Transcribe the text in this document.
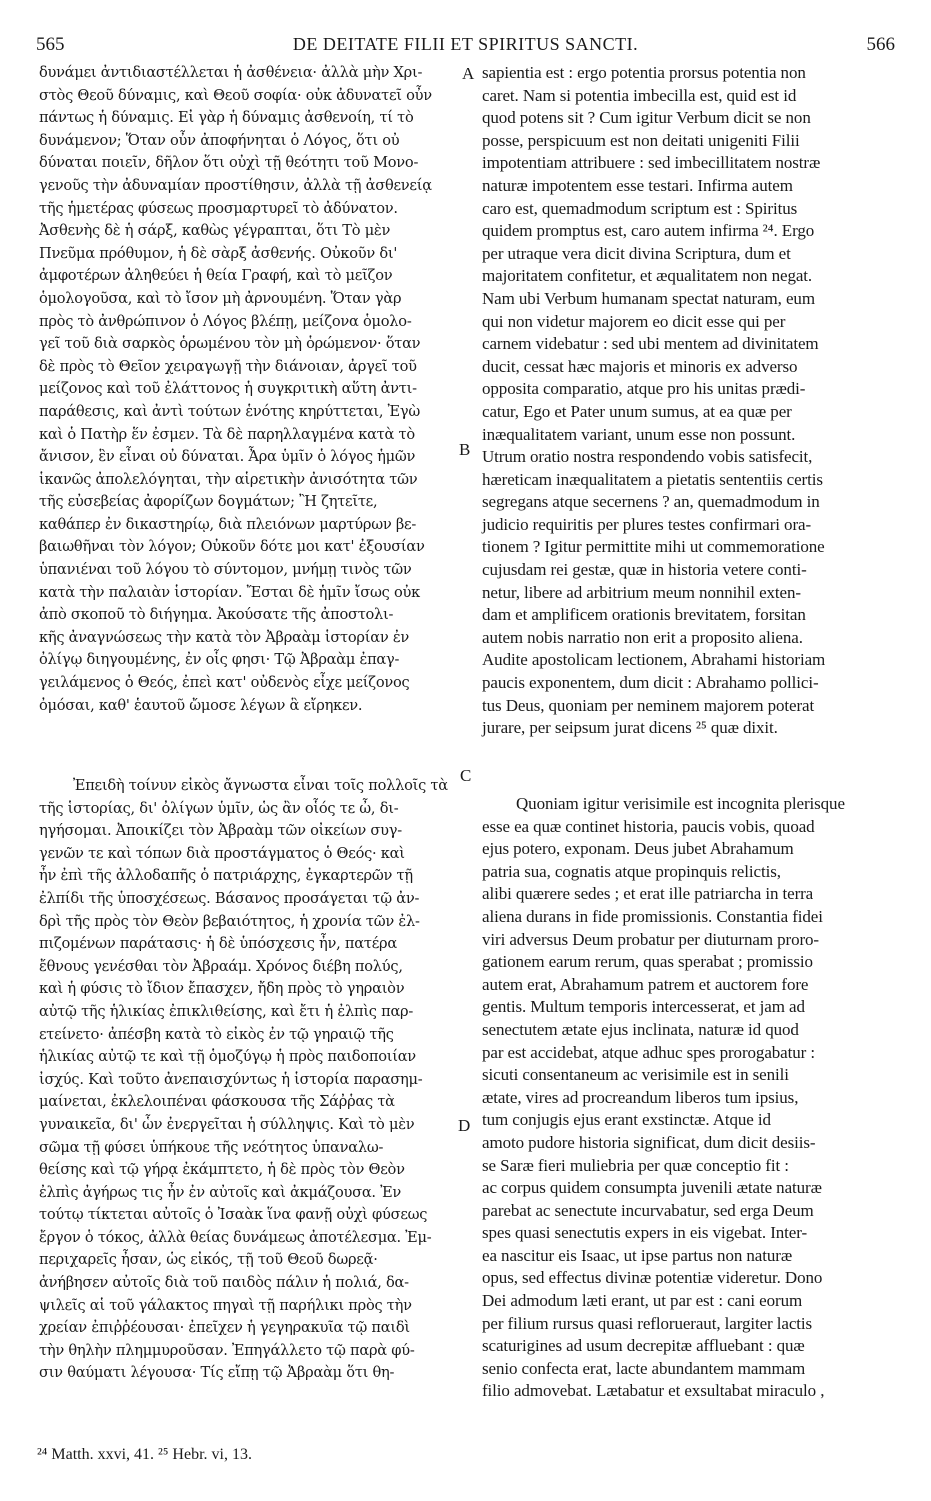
565	DE DEITATE FILII ET SPIRITUS SANCTI.	566
δυνάμει ἀντιδιαστέλλεται ἡ ἀσθένεια· ἀλλὰ μὴν Χρι-
στὸς Θεοῦ δύναμις, καὶ Θεοῦ σοφία· οὐκ ἀδυνατεῖ οὖν
πάντως ἡ δύναμις. Εἰ γὰρ ἡ δύναμις ἀσθενοίη, τί τὸ
δυνάμενον; Ὅταν οὖν ἀποφήνηται ὁ Λόγος, ὅτι οὐ
δύναται ποιεῖν, δῆλον ὅτι οὐχὶ τῇ θεότητι τοῦ Μονο-
γενοῦς τὴν ἀδυναμίαν προστίθησιν, ἀλλὰ τῇ ἀσθενείᾳ
τῆς ἡμετέρας φύσεως προσμαρτυρεῖ τὸ ἀδύνατον.
Ἀσθενὴς δὲ ἡ σάρξ, καθὼς γέγραπται, ὅτι Τὸ μὲν
Πνεῦμα πρόθυμον, ἡ δὲ σὰρξ ἀσθενής. Οὐκοῦν δι'
ἀμφοτέρων ἀληθεύει ἡ θεία Γραφή, καὶ τὸ μεῖζον
ὁμολογοῦσα, καὶ τὸ ἴσον μὴ ἀρνουμένη. Ὅταν γὰρ
πρὸς τὸ ἀνθρώπινον ὁ Λόγος βλέπῃ, μείζονα ὁμολο-
γεῖ τοῦ διὰ σαρκὸς ὁρωμένου τὸν μὴ ὁρώμενον· ὅταν
δὲ πρὸς τὸ Θεῖον χειραγωγῇ τὴν διάνοιαν, ἀργεῖ τοῦ
μείζονος καὶ τοῦ ἐλάττονος ἡ συγκριτικὴ αὕτη ἀντι-
παράθεσις, καὶ ἀντὶ τούτων ἑνότης κηρύττεται, Ἐγὼ
καὶ ὁ Πατὴρ ἕν ἐσμεν. Τὰ δὲ παρηλλαγμένα κατὰ τὸ
ἄνισον, ἓν εἶναι οὐ δύναται. Ἆρα ὑμῖν ὁ λόγος ἡμῶν
ἱκανῶς ἀπολελόγηται, τὴν αἱρετικὴν ἀνισότητα τῶν
τῆς εὐσεβείας ἀφορίζων δογμάτων; Ἢ ζητεῖτε,
καθάπερ ἐν δικαστηρίῳ, διὰ πλειόνων μαρτύρων βε-
βαιωθῆναι τὸν λόγον; Οὐκοῦν δότε μοι κατ' ἐξουσίαν
ὑπανιέναι τοῦ λόγου τὸ σύντομον, μνήμῃ τινὸς τῶν
κατὰ τὴν παλαιὰν ἱστορίαν. Ἔσται δὲ ἡμῖν ἴσως οὐκ
ἀπὸ σκοποῦ τὸ διήγημα. Ἀκούσατε τῆς ἀποστολι-
κῆς ἀναγνώσεως τὴν κατὰ τὸν Ἀβραὰμ ἱστορίαν ἐν
ὀλίγῳ διηγουμένης, ἐν οἷς φησι· Τῷ Ἀβραὰμ ἐπαγ-
γειλάμενος ὁ Θεός, ἐπεὶ κατ' οὐδενὸς εἶχε μείζονος
ὀμόσαι, καθ' ἑαυτοῦ ὤμοσε λέγων ἃ εἴρηκεν.
Ἐπειδὴ τοίνυν εἰκὸς ἄγνωστα εἶναι τοῖς πολλοῖς τὰ
τῆς ἱστορίας, δι' ὀλίγων ὑμῖν, ὡς ἂν οἷός τε ὦ, δι-
ηγήσομαι. Ἀποικίζει τὸν Ἀβραὰμ τῶν οἰκείων συγ-
γενῶν τε καὶ τόπων διὰ προστάγματος ὁ Θεός· καὶ
ἦν ἐπὶ τῆς ἀλλοδαπῆς ὁ πατριάρχης, ἐγκαρτερῶν τῇ
ἐλπίδι τῆς ὑποσχέσεως. Βάσανος προσάγεται τῷ ἀν-
δρὶ τῆς πρὸς τὸν Θεὸν βεβαιότητος, ἡ χρονία τῶν ἐλ-
πιζομένων παράτασις· ἡ δὲ ὑπόσχεσις ἦν, πατέρα
ἔθνους γενέσθαι τὸν Ἀβραάμ. Χρόνος διέβη πολύς,
καὶ ἡ φύσις τὸ ἴδιον ἔπασχεν, ἤδη πρὸς τὸ γηραιὸν
αὐτῷ τῆς ἡλικίας ἐπικλιθείσης, καὶ ἔτι ἡ ἐλπὶς παρ-
ετείνετο· ἀπέσβη κατὰ τὸ εἰκὸς ἐν τῷ γηραιῷ τῆς
ἡλικίας αὐτῷ τε καὶ τῇ ὁμοζύγῳ ἡ πρὸς παιδοποιίαν
ἰσχύς. Καὶ τοῦτο ἀνεπαισχύντως ἡ ἱστορία παρασημ-
μαίνεται, ἐκλελοιπέναι φάσκουσα τῆς Σάῤῥας τὰ
γυναικεῖα, δι' ὧν ἐνεργεῖται ἡ σύλληψις. Καὶ τὸ μὲν
σῶμα τῇ φύσει ὑπήκουε τῆς νεότητος ὑπαναλω-
θείσης καὶ τῷ γήρᾳ ἐκάμπτετο, ἡ δὲ πρὸς τὸν Θεὸν
ἐλπὶς ἀγήρως τις ἦν ἐν αὐτοῖς καὶ ἀκμάζουσα. Ἐν
τούτῳ τίκτεται αὐτοῖς ὁ Ἰσαὰκ ἵνα φανῇ οὐχὶ φύσεως
ἔργον ὁ τόκος, ἀλλὰ θείας δυνάμεως ἀποτέλεσμα. Ἐμ-
περιχαρεῖς ἦσαν, ὡς εἰκός, τῇ τοῦ Θεοῦ δωρεᾷ·
ἀνήβησεν αὐτοῖς διὰ τοῦ παιδὸς πάλιν ἡ πολιά, δα-
ψιλεῖς αἱ τοῦ γάλακτος πηγαὶ τῇ παρήλικι πρὸς τὴν
χρείαν ἐπιῤῥέουσαι· ἐπεῖχεν ἡ γεγηρακυῖα τῷ παιδὶ
τὴν θηλὴν πλημμυροῦσαν. Ἐπηγάλλετο τῷ παρὰ φύ-
σιν θαύματι λέγουσα· Τίς εἴπῃ τῷ Ἀβραὰμ ὅτι θη-
sapientia est : ergo potentia prorsus potentia non
caret. Nam si potentia imbecilla est, quid est id
quod potens sit ? Cum igitur Verbum dicit se non
posse, perspicuum est non deitati unigeniti Filii
impotentiam attribuere : sed imbecillitatem nostræ
naturæ impotentem esse testari. Infirma autem
caro est, quemadmodum scriptum est : Spiritus
quidem promptus est, caro autem infirma ²⁴. Ergo
per utraque vera dicit divina Scriptura, dum et
majoritatem confitetur, et æqualitatem non negat.
Nam ubi Verbum humanam spectat naturam, eum
qui non videtur majorem eo dicit esse qui per
carnem videbatur : sed ubi mentem ad divinitatem
ducit, cessat hæc majoris et minoris ex adverso
opposita comparatio, atque pro his unitas prædi-
catur, Ego et Pater unum sumus, at ea quæ per
inæqualitatem variant, unum esse non possunt.
Utrum oratio nostra respondendo vobis satisfecit,
hæreticam inæqualitatem a pietatis sententiis certis
segregans atque secernens ? an, quemadmodum in
judicio requiritis per plures testes confirmari ora-
tionem ? Igitur permittite mihi ut commemoratione
cujusdam rei gestæ, quæ in historia vetere conti-
netur, libere ad arbitrium meum nonnihil exten-
dam et amplificem orationis brevitatem, forsitan
autem nobis narratio non erit a proposito aliena.
Audite apostolicam lectionem, Abrahami historiam
paucis exponentem, dum dicit : Abrahamo pollici-
tus Deus, quoniam per neminem majorem poterat
jurare, per seipsum jurat dicens ²⁵ quæ dixit.
Quoniam igitur verisimile est incognita plerisque
esse ea quæ continet historia, paucis vobis, quoad
ejus potero, exponam. Deus jubet Abrahamum
patria sua, cognatis atque propinquis relictis,
alibi quærere sedes ; et erat ille patriarcha in terra
aliena durans in fide promissionis. Constantia fidei
viri adversus Deum probatur per diuturnam proro-
gationem earum rerum, quas sperabat ; promissio
autem erat, Abrahamum patrem et auctorem fore
gentis. Multum temporis intercesserat, et jam ad
senectutem ætate ejus inclinata, naturæ id quod
par est accidebat, atque adhuc spes prorogabatur :
sicuti consentaneum ac verisimile est in senili
ætate, vires ad procreandum liberos tum ipsius,
tum conjugis ejus erant exstinctæ. Atque id
amoto pudore historia significat, dum dicit desiis-
se Saræ fieri muliebria per quæ conceptio fit :
ac corpus quidem consumpta juvenili ætate naturæ
parebat ac senectute incurvabatur, sed erga Deum
spes quasi senectutis expers in eis vigebat. Inter-
ea nascitur eis Isaac, ut ipse partus non naturæ
opus, sed effectus divinæ potentiæ videretur. Dono
Dei admodum læti erant, ut par est : cani eorum
per filium rursus quasi reflorueraut, largiter lactis
scaturigines ad usum decrepitæ affluebant : quæ
senio confecta erat, lacte abundantem mammam
filio admovebat. Lætabatur et exsultabat miraculo ,
A
B
C
D
²⁴ Matth. xxvi, 41. ²⁵ Hebr. vi, 13.
